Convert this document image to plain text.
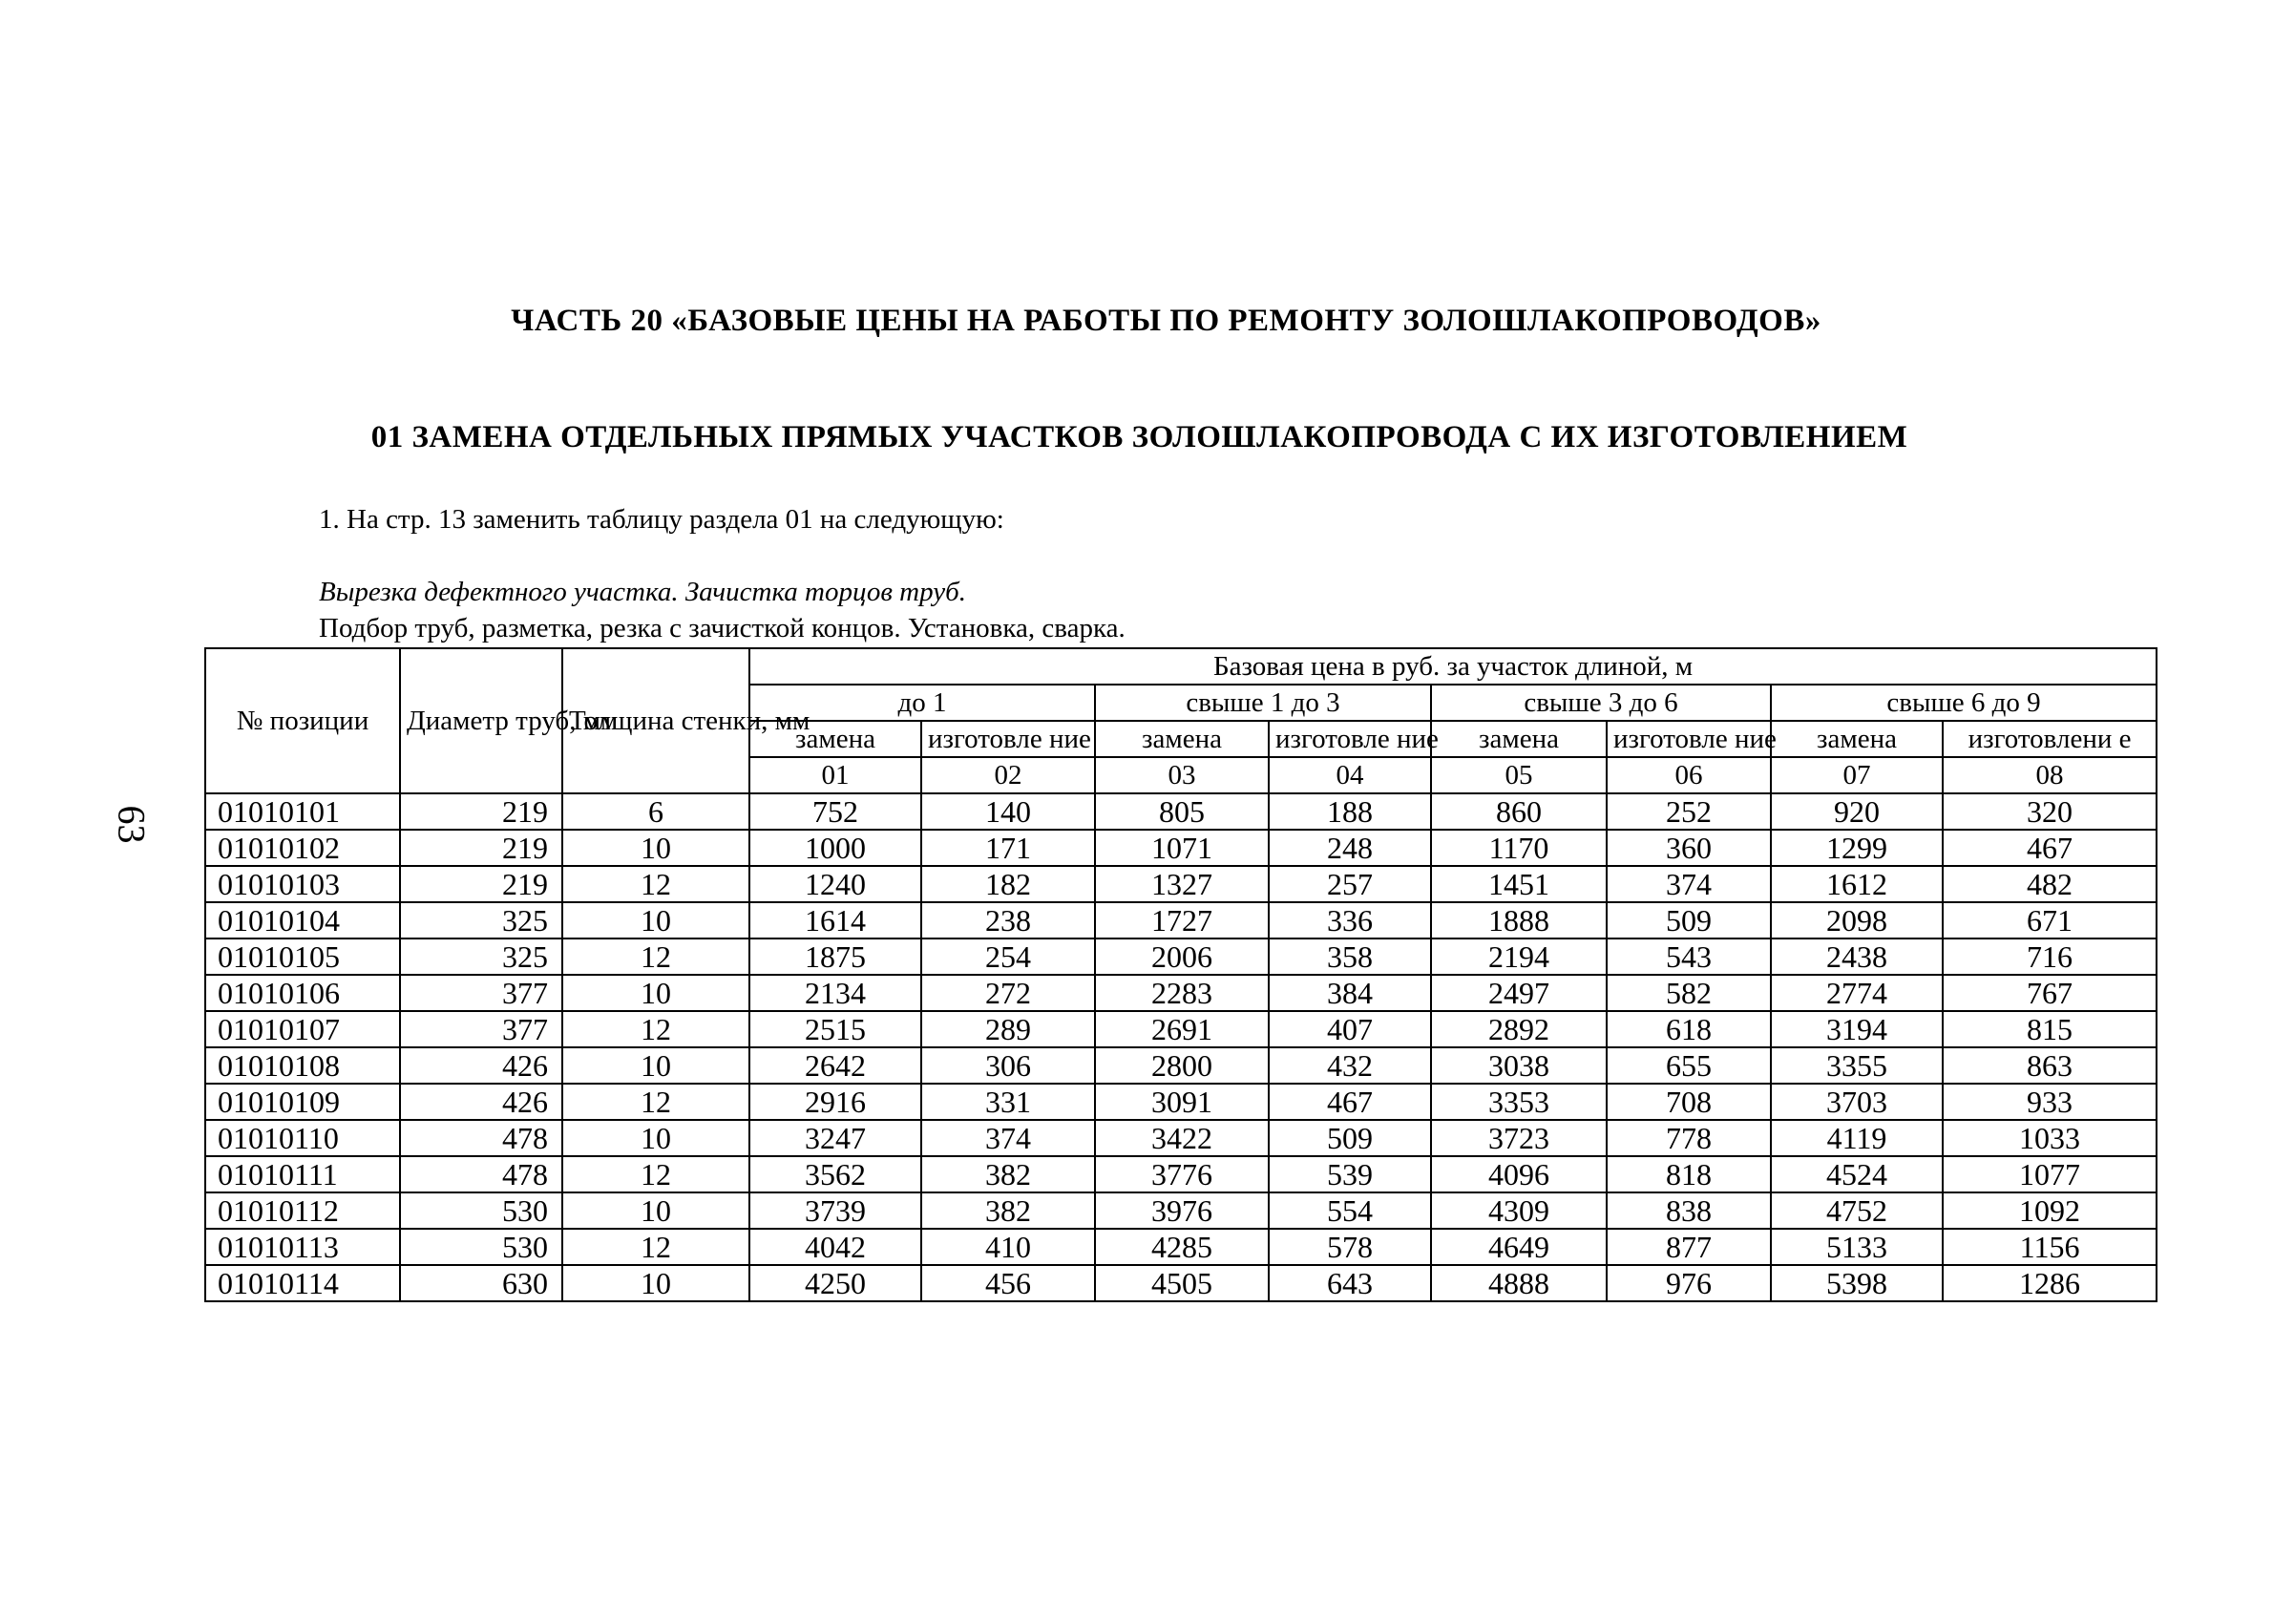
63
ЧАСТЬ 20 «БАЗОВЫЕ ЦЕНЫ НА РАБОТЫ ПО РЕМОНТУ ЗОЛОШЛАКОПРОВОДОВ»
01 ЗАМЕНА ОТДЕЛЬНЫХ ПРЯМЫХ УЧАСТКОВ ЗОЛОШЛАКОПРОВОДА С ИХ ИЗГОТОВЛЕНИЕМ
1. На стр. 13 заменить таблицу раздела 01 на следующую:
Вырезка дефектного участка. Зачистка торцов труб.
Подбор труб, разметка, резка с зачисткой концов. Установка, сварка.
№ позиции	Диаметр труб, мм	Толщина стенки, мм	Базовая цена в руб. за участок длиной, м							
			до 1		свыше 1 до 3		свыше 3 до 6		свыше 6 до 9	
			замена	изготовле ние	замена	изготовле ние	замена	изготовле ние	замена	изготовлени е
			01	02	03	04	05	06	07	08
01010101	219	6	752	140	805	188	860	252	920	320
01010102	219	10	1000	171	1071	248	1170	360	1299	467
01010103	219	12	1240	182	1327	257	1451	374	1612	482
01010104	325	10	1614	238	1727	336	1888	509	2098	671
01010105	325	12	1875	254	2006	358	2194	543	2438	716
01010106	377	10	2134	272	2283	384	2497	582	2774	767
01010107	377	12	2515	289	2691	407	2892	618	3194	815
01010108	426	10	2642	306	2800	432	3038	655	3355	863
01010109	426	12	2916	331	3091	467	3353	708	3703	933
01010110	478	10	3247	374	3422	509	3723	778	4119	1033
01010111	478	12	3562	382	3776	539	4096	818	4524	1077
01010112	530	10	3739	382	3976	554	4309	838	4752	1092
01010113	530	12	4042	410	4285	578	4649	877	5133	1156
01010114	630	10	4250	456	4505	643	4888	976	5398	1286
